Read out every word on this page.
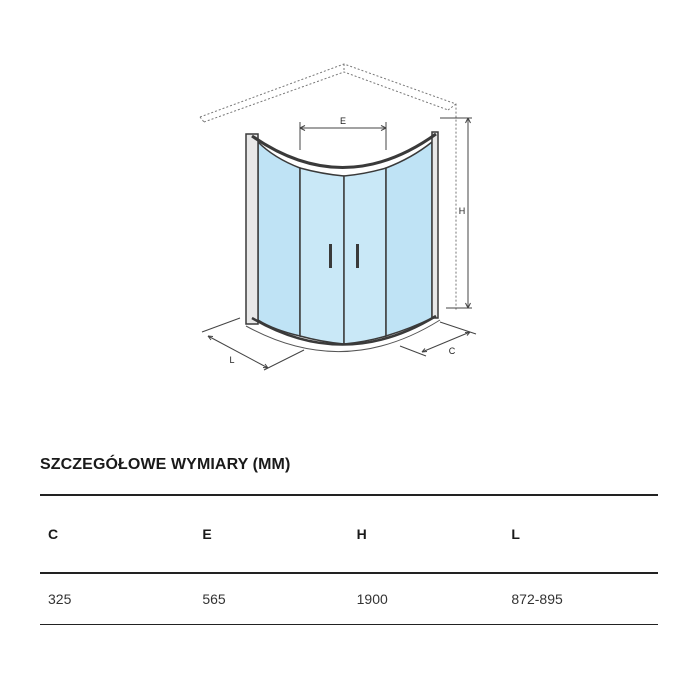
E
H
L
C
SZCZEGÓŁOWE WYMIARY (MM)
C	E	H	L
325	565	1900	872-895
